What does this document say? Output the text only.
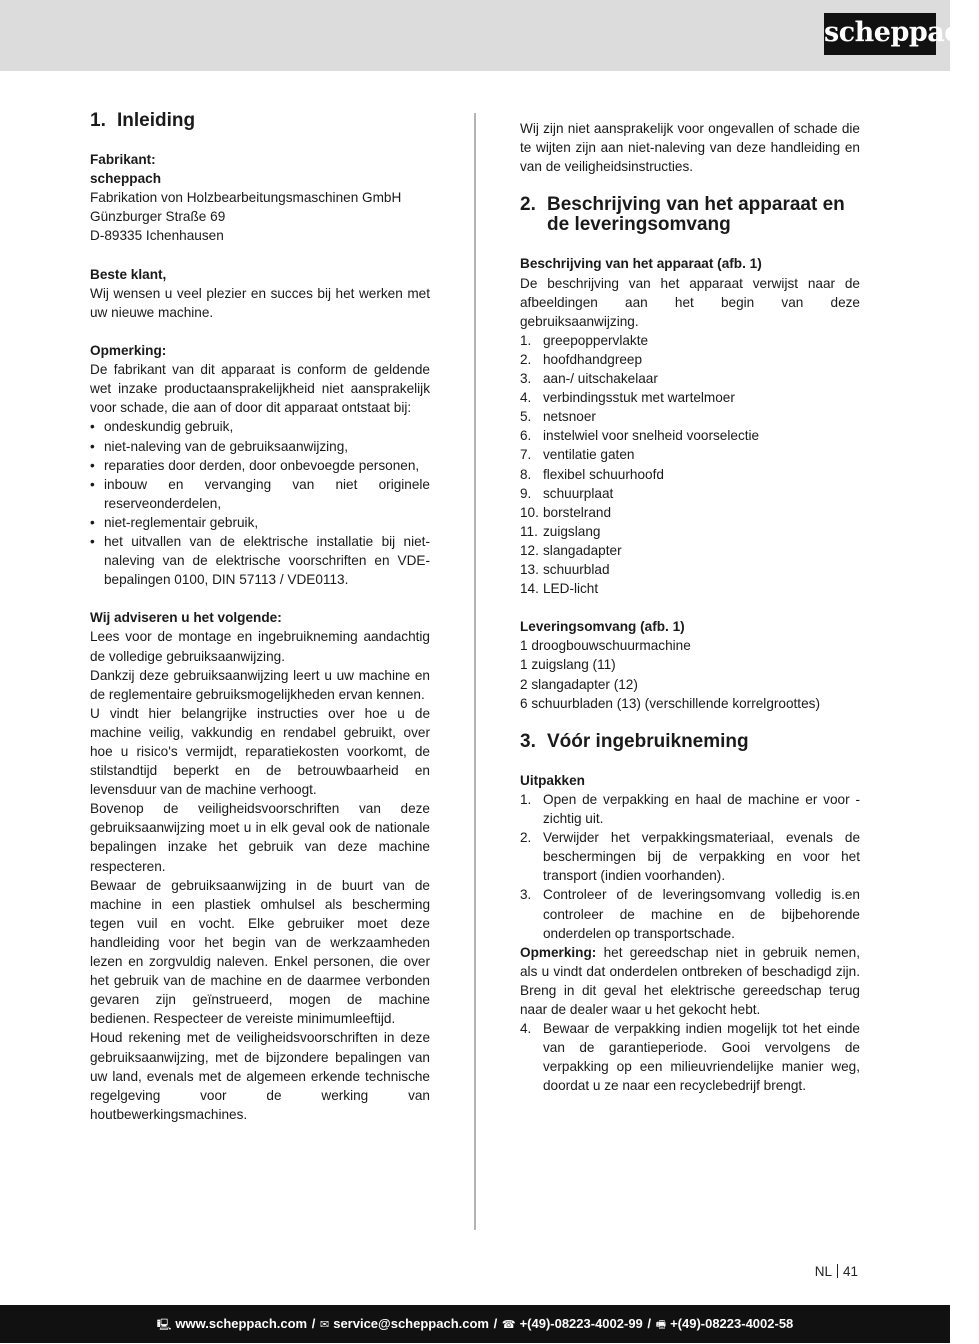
scheppach
1. Inleiding

Fabrikant:

scheppach

Fabrikation von Holzbearbeitungsmaschinen GmbH

Günzburger Straße 69

D-89335 Ichenhausen

Beste klant,

Wij wensen u veel plezier en succes bij het werken met uw nieuwe machine.

Opmerking:

De fabrikant van dit apparaat is conform de geldende wet inzake productaansprakelijkheid niet aansprakelijk voor schade, die aan of door dit apparaat ontstaat bij:

• ondeskundig gebruik,
• niet-naleving van de gebruiksaanwijzing,
• reparaties door derden, door onbevoegde personen,
• inbouw en vervanging van niet originele reserveonderdelen,
• niet-reglementair gebruik,
• het uitvallen van de elektrische installatie bij niet-naleving van de elektrische voorschriften en VDE-bepalingen 0100, DIN 57113 / VDE0113.

Wij adviseren u het volgende:

Lees voor de montage en ingebruikneming aandachtig de volledige gebruiksaanwijzing.

Dankzij deze gebruiksaanwijzing leert u uw machine en de reglementaire gebruiksmogelijkheden ervan kennen.

U vindt hier belangrijke instructies over hoe u de machine veilig, vakkundig en rendabel gebruikt, over hoe u risico's vermijdt, reparatiekosten voorkomt, de stilstandtijd beperkt en de betrouwbaarheid en levensduur van de machine verhoogt.

Bovenop de veiligheidsvoorschriften van deze gebruiksaanwijzing moet u in elk geval ook de nationale bepalingen inzake het gebruik van deze machine respecteren.

Bewaar de gebruiksaanwijzing in de buurt van de machine in een plastiek omhulsel als bescherming tegen vuil en vocht. Elke gebruiker moet deze handleiding voor het begin van de werkzaamheden lezen en zorgvuldig naleven. Enkel personen, die over het gebruik van de machine en de daarmee verbonden gevaren zijn geïnstrueerd, mogen de machine bedienen. Respecteer de vereiste minimumleeftijd.

Houd rekening met de veiligheidsvoorschriften in deze gebruiksaanwijzing, met de bijzondere bepalingen van uw land, evenals met de algemeen erkende technische regelgeving voor de werking van houtbewerkingsmachines.

Wij zijn niet aansprakelijk voor ongevallen of schade die te wijten zijn aan niet-naleving van deze handleiding en van de veiligheidsinstructies.

2. Beschrijving van het apparaat en de leveringsomvang

Beschrijving van het apparaat (afb. 1)

De beschrijving van het apparaat verwijst naar de afbeeldingen aan het begin van deze gebruiksaanwijzing.

1. greepoppervlakte
2. hoofdhandgreep
3. aan-/ uitschakelaar
4. verbindingsstuk met wartelmoer
5. netsnoer
6. instelwiel voor snelheid voorselectie
7. ventilatie gaten
8. flexibel schuurhoofd
9. schuurplaat
10. borstelrand
11. zuigslang
12. slangadapter
13. schuurblad
14. LED-licht

Leveringsomvang (afb. 1)

1 droogbouwschuurmachine

1 zuigslang (11)

2 slangadapter (12)

6 schuurbladen (13) (verschillende korrelgroottes)

3. Vóór ingebruikneming

Uitpakken

1. Open de verpakking en haal de machine er voor - zichtig uit.
2. Verwijder het verpakkingsmateriaal, evenals de beschermingen bij de verpakking en voor het transport (indien voorhanden).
3. Controleer of de leveringsomvang volledig is.en controleer de machine en de bijbehorende onderdelen op transportschade.

Opmerking: het gereedschap niet in gebruik nemen, als u vindt dat onderdelen ontbreken of beschadigd zijn. Breng in dit geval het elektrische gereedschap terug naar de dealer waar u het gekocht hebt.

4. Bewaar de verpakking indien mogelijk tot het einde van de garantieperiode. Gooi vervolgens de verpakking op een milieuvriendelijke manier weg, doordat u ze naar een recyclebedrijf brengt.
NL 41
🖳 www.scheppach.com / ✉ service@scheppach.com / ☎ +(49)-08223-4002-99 / 🖷 +(49)-08223-4002-58
